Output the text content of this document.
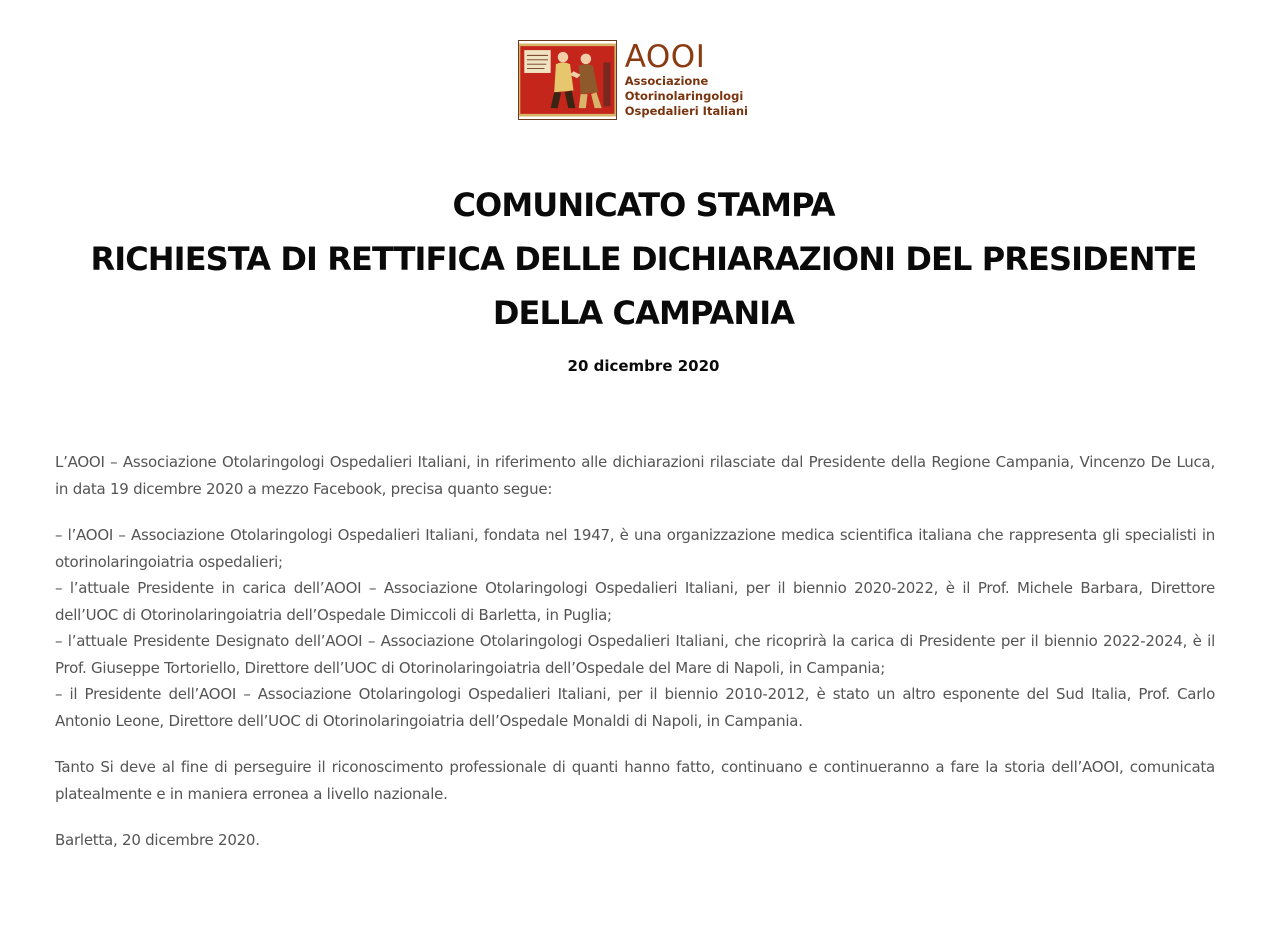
AOOI
Associazione
Otorinolaringologi
Ospedalieri Italiani
COMUNICATO STAMPA
RICHIESTA DI RETTIFICA DELLE DICHIARAZIONI DEL PRESIDENTE
DELLA CAMPANIA
20 dicembre 2020

L’AOOI – Associazione Otolaringologi Ospedalieri Italiani, in riferimento alle dichiarazioni rilasciate dal Presidente della Regione Campania, Vincenzo De Luca, in data 19 dicembre 2020 a mezzo Facebook, precisa quanto segue:

– l’AOOI – Associazione Otolaringologi Ospedalieri Italiani, fondata nel 1947, è una organizzazione medica scientifica italiana che rappresenta gli specialisti in otorinolaringoiatria ospedalieri;

– l’attuale Presidente in carica dell’AOOI – Associazione Otolaringologi Ospedalieri Italiani, per il biennio 2020-2022, è il Prof. Michele Barbara, Direttore dell’UOC di Otorinolaringoiatria dell’Ospedale Dimiccoli di Barletta, in Puglia;

– l’attuale Presidente Designato dell’AOOI – Associazione Otolaringologi Ospedalieri Italiani, che ricoprirà la carica di Presidente per il biennio 2022-2024, è il Prof. Giuseppe Tortoriello, Direttore dell’UOC di Otorinolaringoiatria dell’Ospedale del Mare di Napoli, in Campania;

– il Presidente dell’AOOI – Associazione Otolaringologi Ospedalieri Italiani, per il biennio 2010-2012, è stato un altro esponente del Sud Italia, Prof. Carlo Antonio Leone, Direttore dell’UOC di Otorinolaringoiatria dell’Ospedale Monaldi di Napoli, in Campania.

Tanto Si deve al fine di perseguire il riconoscimento professionale di quanti hanno fatto, continuano e continueranno a fare la storia dell’AOOI, comunicata platealmente e in maniera erronea a livello nazionale.

Barletta, 20 dicembre 2020.
